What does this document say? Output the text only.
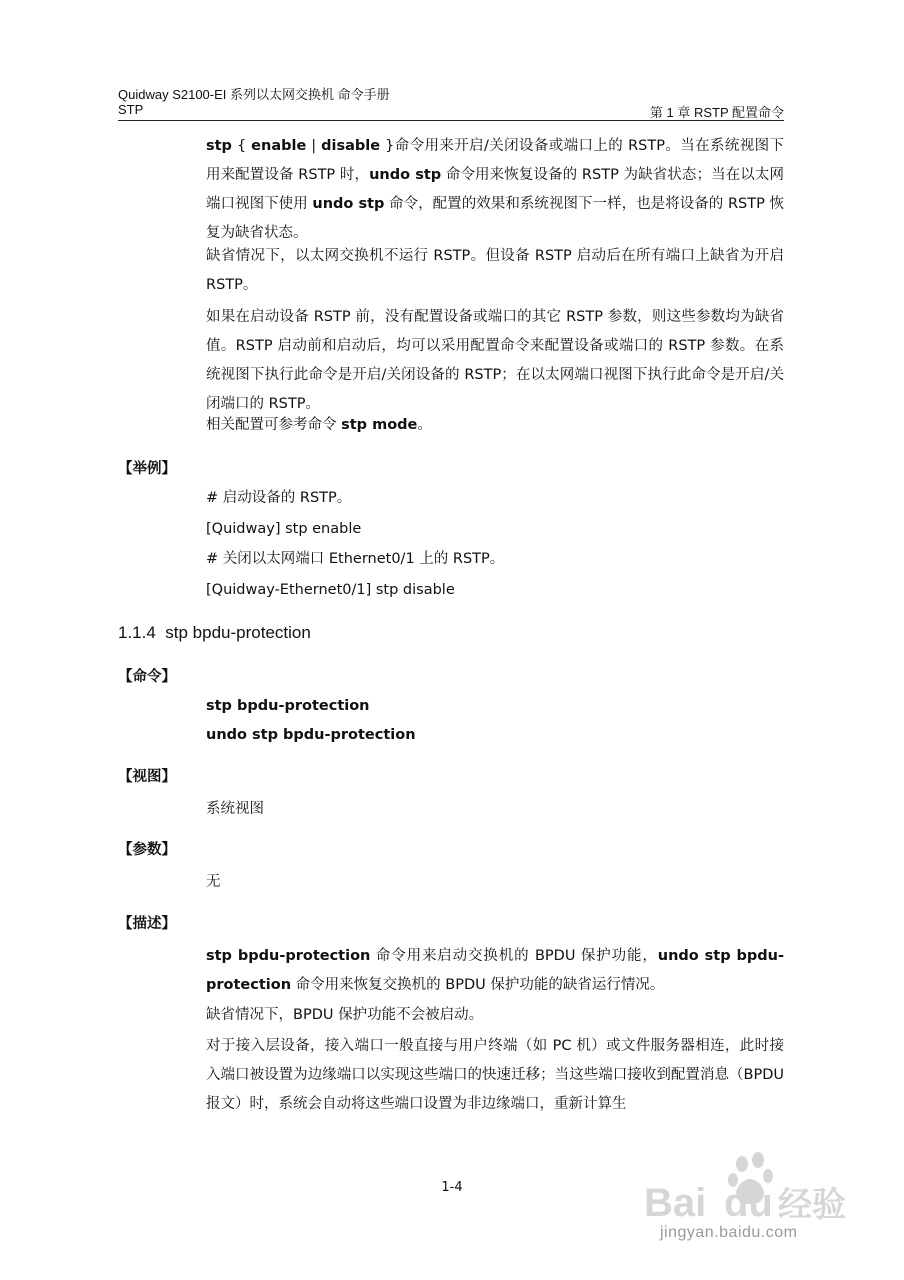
Quidway S2100-EI 系列以太网交换机 命令手册
STP	第 1 章 RSTP 配置命令
stp { enable | disable }命令用来开启/关闭设备或端口上的 RSTP。当在系统视图下用来配置设备 RSTP 时，undo stp 命令用来恢复设备的 RSTP 为缺省状态；当在以太网端口视图下使用 undo stp 命令，配置的效果和系统视图下一样，也是将设备的 RSTP 恢复为缺省状态。
缺省情况下，以太网交换机不运行 RSTP。但设备 RSTP 启动后在所有端口上缺省为开启 RSTP。
如果在启动设备 RSTP 前，没有配置设备或端口的其它 RSTP 参数，则这些参数均为缺省值。RSTP 启动前和启动后，均可以采用配置命令来配置设备或端口的 RSTP 参数。在系统视图下执行此命令是开启/关闭设备的 RSTP；在以太网端口视图下执行此命令是开启/关闭端口的 RSTP。
相关配置可参考命令 stp mode。
【举例】
# 启动设备的 RSTP。
[Quidway] stp enable
# 关闭以太网端口 Ethernet0/1 上的 RSTP。
[Quidway-Ethernet0/1] stp disable
1.1.4 stp bpdu-protection
【命令】
stp bpdu-protection
undo stp bpdu-protection
【视图】
系统视图
【参数】
无
【描述】
stp bpdu-protection 命令用来启动交换机的 BPDU 保护功能，undo stp bpdu-protection 命令用来恢复交换机的 BPDU 保护功能的缺省运行情况。
缺省情况下，BPDU 保护功能不会被启动。
对于接入层设备，接入端口一般直接与用户终端（如 PC 机）或文件服务器相连，此时接入端口被设置为边缘端口以实现这些端口的快速迁移；当这些端口接收到配置消息（BPDU 报文）时，系统会自动将这些端口设置为非边缘端口，重新计算生
1-4	Bai du 经验
jingyan.baidu.com
